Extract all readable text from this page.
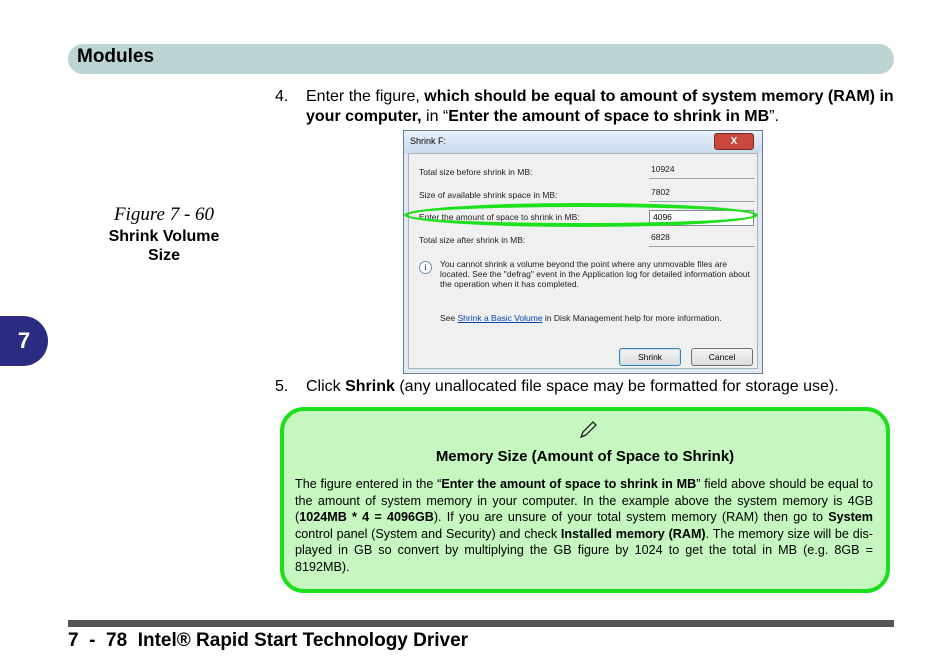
Modules
7
Figure 7 - 60
Shrink Volume Size
4. Enter the figure, which should be equal to amount of system memory (RAM) in your computer, in “Enter the amount of space to shrink in MB”.
Shrink F:	X
Total size before shrink in MB:	10924
Size of available shrink space in MB:	7802
Enter the amount of space to shrink in MB:	4096
Total size after shrink in MB:	6828
i	You cannot shrink a volume beyond the point where any unmovable files are located. See the "defrag" event in the Application log for detailed information about the operation when it has completed.
See Shrink a Basic Volume in Disk Management help for more information.
Shrink	Cancel
5. Click Shrink (any unallocated file space may be formatted for storage use).
Memory Size (Amount of Space to Shrink)
The figure entered in the “Enter the amount of space to shrink in MB” field above should be equal to the amount of system memory in your computer. In the example above the system memory is 4GB (1024MB * 4 = 4096GB). If you are unsure of your total system memory (RAM) then go to System control panel (System and Security) and check Installed memory (RAM). The memory size will be dis-played in GB so convert by multiplying the GB figure by 1024 to get the total in MB (e.g. 8GB = 8192MB).
7  -  78  Intel® Rapid Start Technology Driver
